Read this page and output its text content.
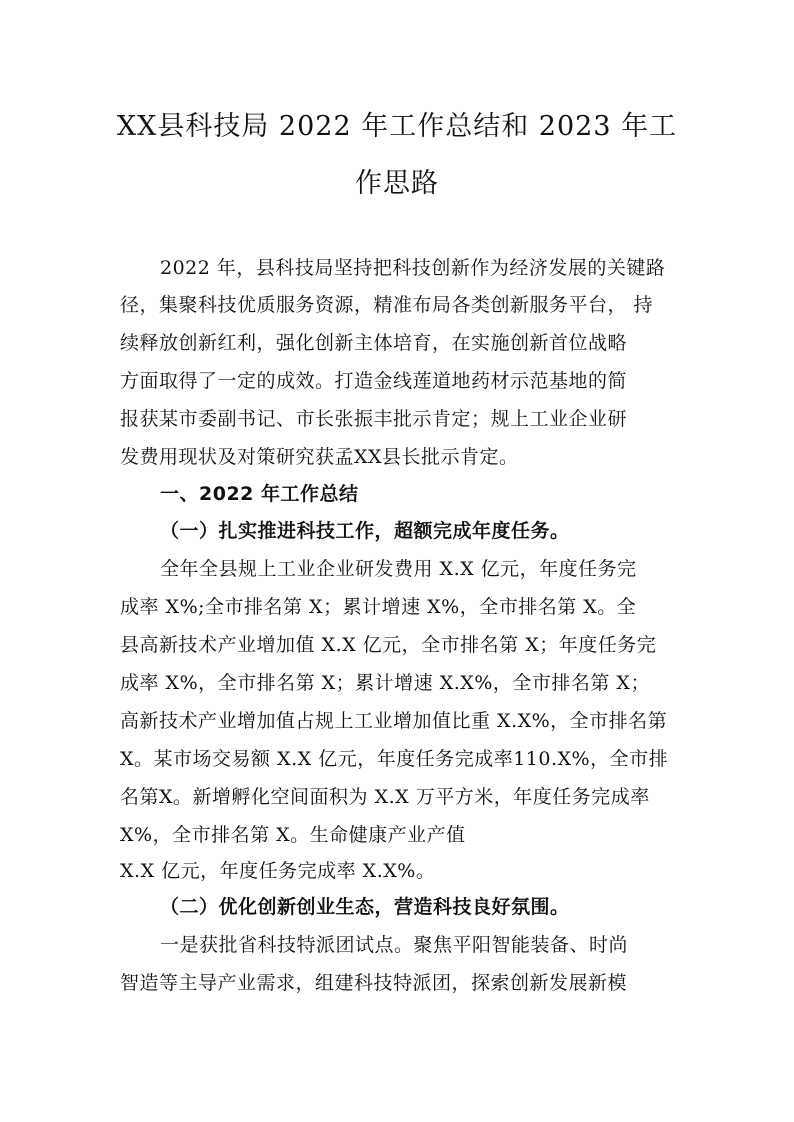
XX县科技局 2022 年工作总结和 2023 年工
作思路
2022 年，县科技局坚持把科技创新作为经济发展的关键路
径，集聚科技优质服务资源，精准布局各类创新服务平台， 持
续释放创新红利，强化创新主体培育，在实施创新首位战略
方面取得了一定的成效。打造金线莲道地药材示范基地的简
报获某市委副书记、市长张振丰批示肯定；规上工业企业研
发费用现状及对策研究获孟XX县长批示肯定。
一、2022 年工作总结
（一）扎实推进科技工作，超额完成年度任务。
全年全县规上工业企业研发费用 X.X 亿元，年度任务完
成率 X%;全市排名第 X；累计增速 X%，全市排名第 X。全
县高新技术产业增加值 X.X 亿元，全市排名第 X；年度任务完
成率 X%，全市排名第 X；累计增速 X.X%，全市排名第 X；
高新技术产业增加值占规上工业增加值比重 X.X%，全市排名第
X。某市场交易额 X.X 亿元，年度任务完成率110.X%，全市排
名第X。新增孵化空间面积为 X.X 万平方米，年度任务完成率
X%，全市排名第 X。生命健康产业产值
X.X 亿元，年度任务完成率 X.X%。
（二）优化创新创业生态，营造科技良好氛围。
一是获批省科技特派团试点。聚焦平阳智能装备、时尚
智造等主导产业需求，组建科技特派团，探索创新发展新模
